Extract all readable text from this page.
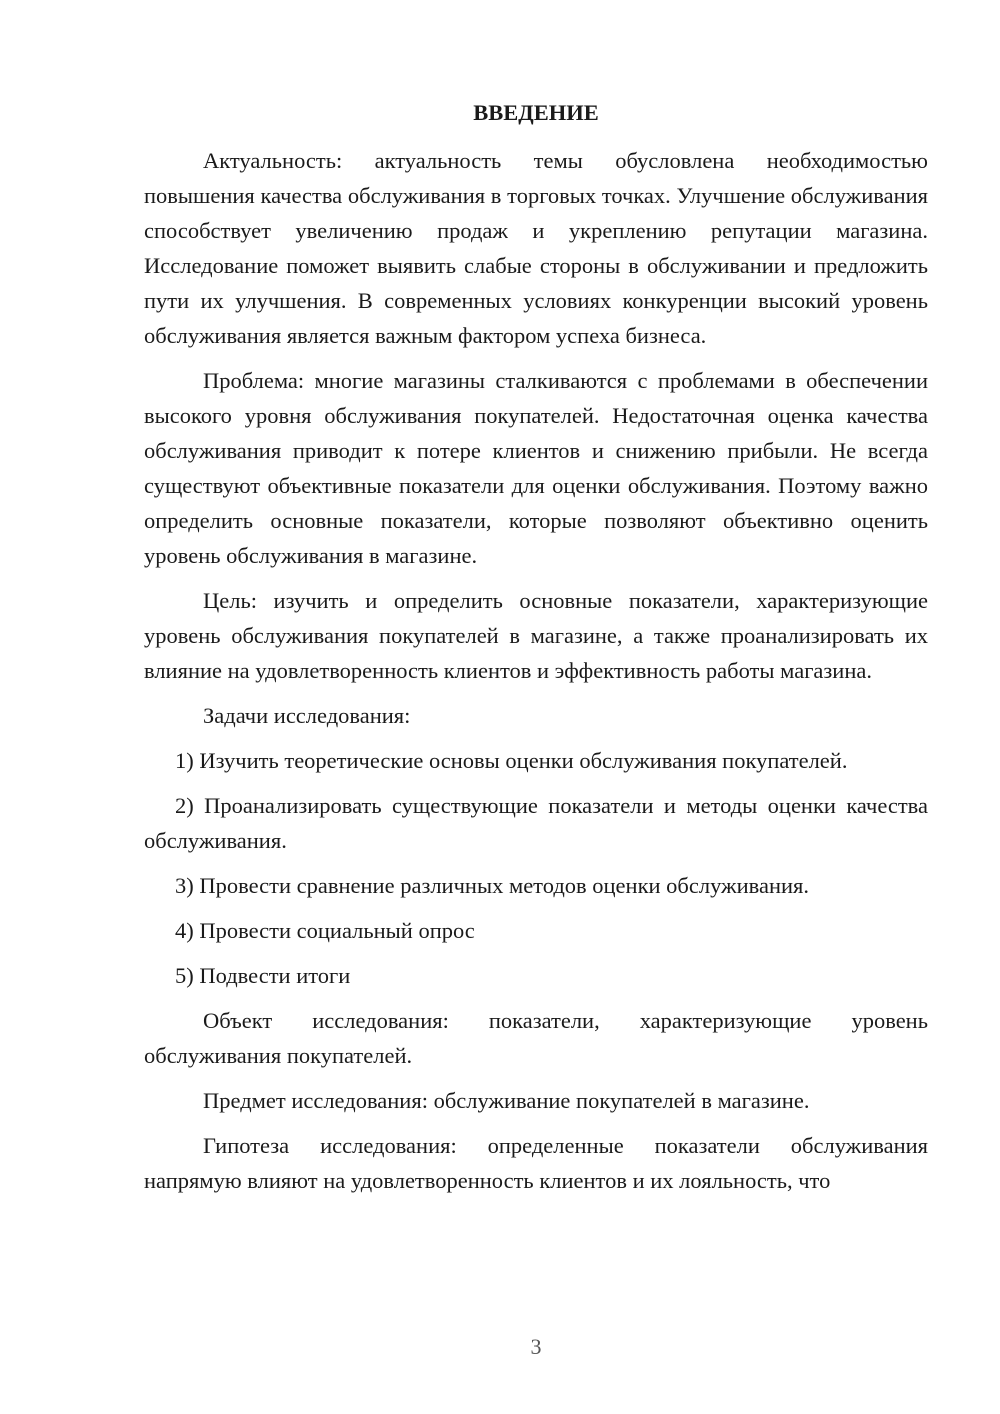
ВВЕДЕНИЕ

Актуальность: актуальность темы обусловлена необходимостью повышения качества обслуживания в торговых точках. Улучшение обслуживания способствует увеличению продаж и укреплению репутации магазина. Исследование поможет выявить слабые стороны в обслуживании и предложить пути их улучшения. В современных условиях конкуренции высокий уровень обслуживания является важным фактором успеха бизнеса.

Проблема: многие магазины сталкиваются с проблемами в обеспечении высокого уровня обслуживания покупателей. Недостаточная оценка качества обслуживания приводит к потере клиентов и снижению прибыли. Не всегда существуют объективные показатели для оценки обслуживания. Поэтому важно определить основные показатели, которые позволяют объективно оценить уровень обслуживания в магазине.

Цель: изучить и определить основные показатели, характеризующие уровень обслуживания покупателей в магазине, а также проанализировать их влияние на удовлетворенность клиентов и эффективность работы магазина.

Задачи исследования:

1) Изучить теоретические основы оценки обслуживания покупателей.

2) Проанализировать существующие показатели и методы оценки качества обслуживания.

3) Провести сравнение различных методов оценки обслуживания.

4) Провести социальный опрос

5) Подвести итоги

Объект исследования: показатели, характеризующие уровень обслуживания покупателей.

Предмет исследования: обслуживание покупателей в магазине.

Гипотеза исследования: определенные показатели обслуживания напрямую влияют на удовлетворенность клиентов и их лояльность, что

3
